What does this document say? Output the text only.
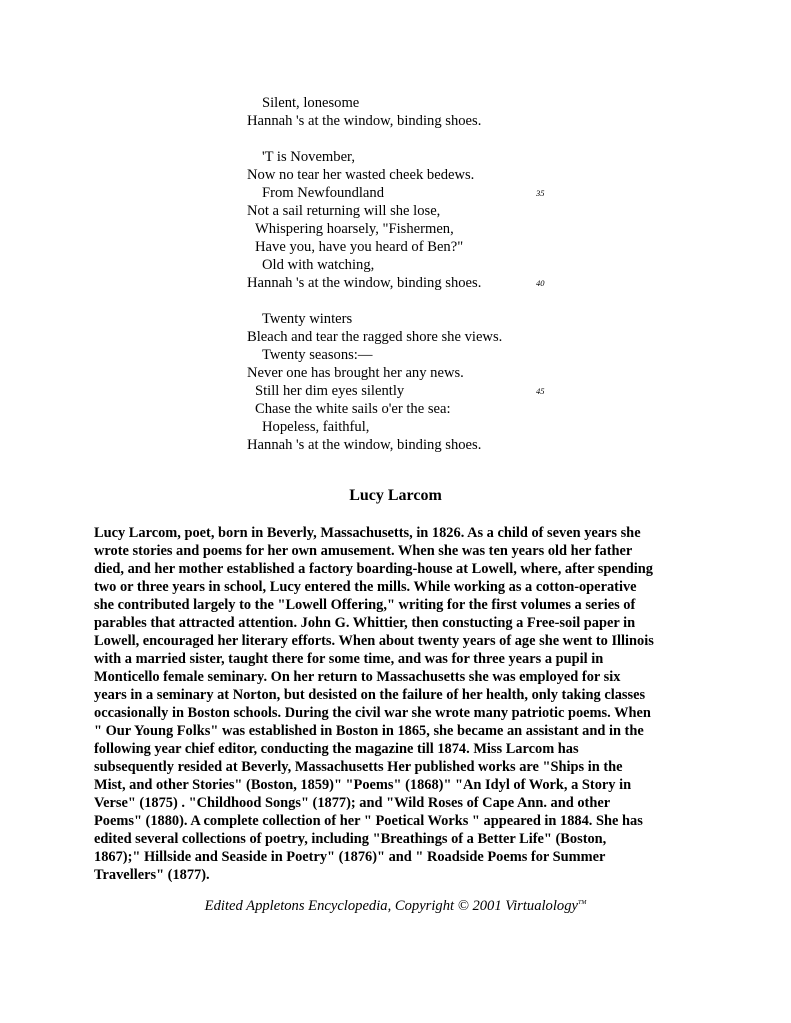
Silent, lonesome
Hannah 's at the window, binding shoes.
'T is November,
Now no tear her wasted cheek bedews.
From Newfoundland	35
Not a sail returning will she lose,
Whispering hoarsely, "Fishermen,
Have you, have you heard of Ben?"
Old with watching,
Hannah 's at the window, binding shoes.	40
Twenty winters
Bleach and tear the ragged shore she views.
Twenty seasons:—
Never one has brought her any news.
Still her dim eyes silently	45
Chase the white sails o'er the sea:
Hopeless, faithful,
Hannah 's at the window, binding shoes.
Lucy Larcom

Lucy Larcom, poet, born in Beverly, Massachusetts, in 1826. As a child of seven years she

wrote stories and poems for her own amusement. When she was ten years old her father

died, and her mother established a factory boarding-house at Lowell, where, after spending

two or three years in school, Lucy entered the mills. While working as a cotton-operative

she contributed largely to the "Lowell Offering," writing for the first volumes a series of

parables that attracted attention. John G. Whittier, then constucting a Free-soil paper in

Lowell, encouraged her literary efforts. When about twenty years of age she went to Illinois

with a married sister, taught there for some time, and was for three years a pupil in

Monticello female seminary. On her return to Massachusetts she was employed for six

years in a seminary at Norton, but desisted on the failure of her health, only taking classes

occasionally in Boston schools. During the civil war she wrote many patriotic poems. When

" Our Young Folks" was established in Boston in 1865, she became an assistant and in the

following year chief editor, conducting the magazine till 1874. Miss Larcom has

subsequently resided at Beverly, Massachusetts Her published works are "Ships in the

Mist, and other Stories" (Boston, 1859)" "Poems" (1868)" "An Idyl of Work, a Story in

Verse" (1875) . "Childhood Songs" (1877); and "Wild Roses of Cape Ann. and other

Poems" (1880). A complete collection of her " Poetical Works " appeared in 1884. She has

edited several collections of poetry, including "Breathings of a Better Life" (Boston,

1867);" Hillside and Seaside in Poetry" (1876)" and " Roadside Poems for Summer

Travellers" (1877).

Edited Appletons Encyclopedia, Copyright © 2001 Virtualology™
